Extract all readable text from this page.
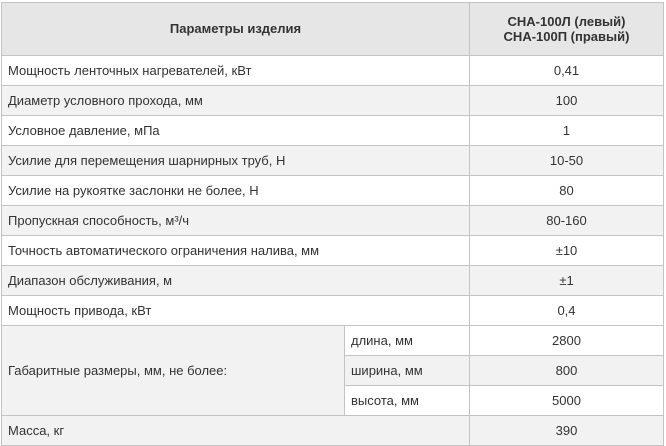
Параметры изделия		СНА-100Л (левый)
СНА-100П (правый)

Мощность ленточных нагревателей, кВт		0,41
Диаметр условного прохода, мм		100
Условное давление, мПа		1
Усилие для перемещения шарнирных труб, Н		10-50
Усилие на рукоятке заслонки не более, Н		80
Пропускная способность, м³/ч		80-160
Точность автоматического ограничения налива, мм		±10
Диапазон обслуживания, м		±1
Мощность привода, кВт		0,4
Габаритные размеры, мм, не более:	длина, мм	2800
	ширина, мм	800
	высота, мм	5000
Масса, кг		390
